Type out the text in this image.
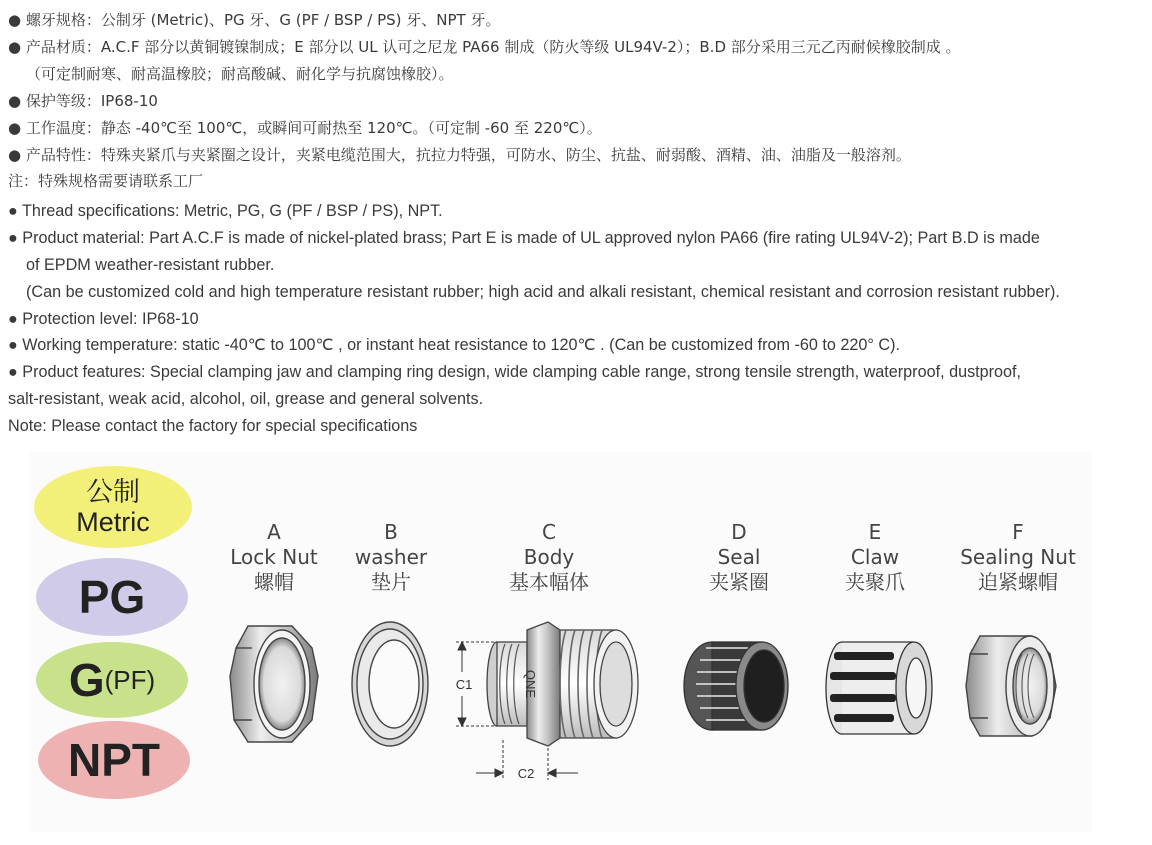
● 螺牙规格：公制牙 (Metric)、PG 牙、G (PF / BSP / PS) 牙、NPT 牙。
● 产品材质：A.C.F 部分以黄铜镀镍制成；E 部分以 UL 认可之尼龙 PA66 制成（防火等级 UL94V-2）；B.D 部分采用三元乙丙耐候橡胶制成 。
（可定制耐寒、耐高温橡胶；耐高酸碱、耐化学与抗腐蚀橡胶）。
● 保护等级：IP68-10
● 工作温度：静态 -40℃至 100℃，或瞬间可耐热至 120℃。（可定制 -60 至 220℃）。
● 产品特性：特殊夹紧爪与夹紧圈之设计，夹紧电缆范围大，抗拉力特强，可防水、防尘、抗盐、耐弱酸、酒精、油、油脂及一般溶剂。
注：特殊规格需要请联系工厂
● Thread specifications: Metric, PG, G (PF / BSP / PS), NPT.
● Product material: Part A.C.F is made of nickel-plated brass; Part E is made of UL approved nylon PA66 (fire rating UL94V-2); Part B.D is made
of EPDM weather-resistant rubber.
(Can be customized cold and high temperature resistant rubber; high acid and alkali resistant, chemical resistant and corrosion resistant rubber).
● Protection level: IP68-10
● Working temperature: static -40℃ to 100℃ , or instant heat resistance to 120℃ . (Can be customized from -60 to 220° C).
● Product features: Special clamping jaw and clamping ring design, wide clamping cable range, strong tensile strength, waterproof, dustproof,
salt-resistant, weak acid, alcohol, oil, grease and general solvents.
Note: Please contact the factory for special specifications
公制
Metric
PG
G (PF)
NPT
A
Lock Nut
螺帽
B
washer
垫片
C
Body
基本幅体
D
Seal
夹紧圈
E
Claw
夹聚爪
F
Sealing Nut
迫紧螺帽
QNE
C1
C2
